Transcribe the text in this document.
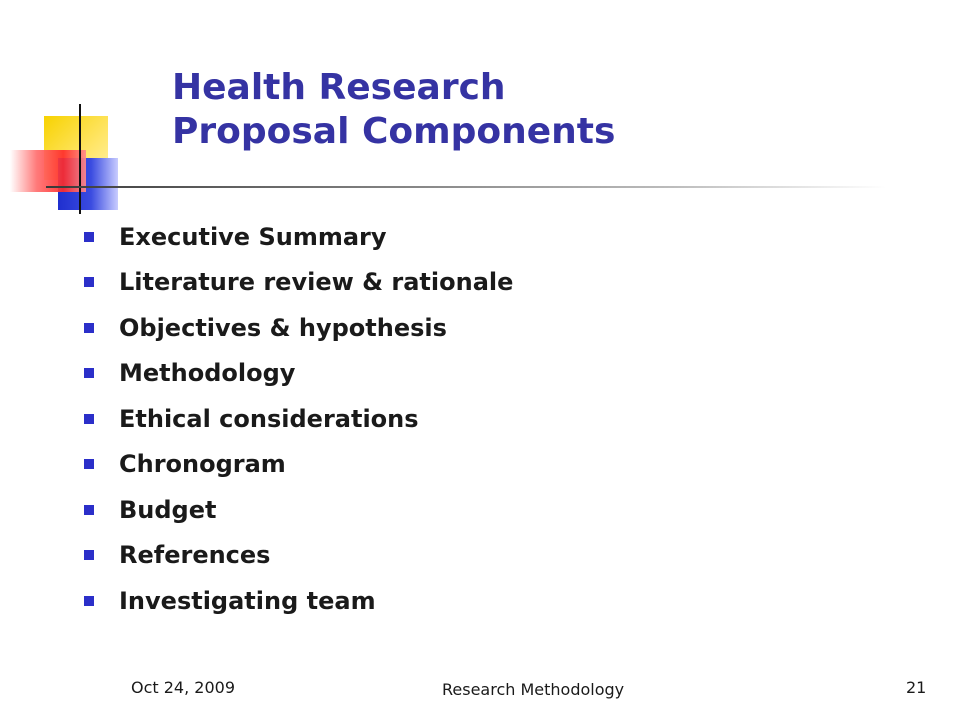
Health Research
Proposal Components
Executive Summary
Literature review & rationale
Objectives & hypothesis
Methodology
Ethical considerations
Chronogram
Budget
References
Investigating team
Oct 24, 2009	Research Methodology	21
